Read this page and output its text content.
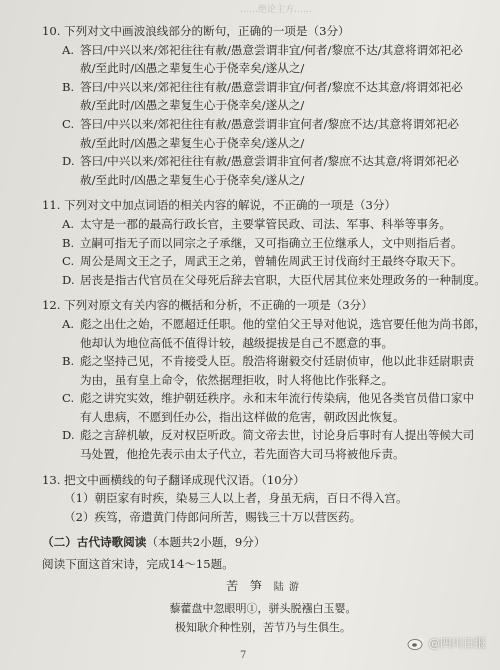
……绝论主方……
10. 下列对文中画波浪线部分的断句，正确的一项是（3分）
A. 答曰/中兴以来/郊祀往往有赦/愚意尝谓非宜/何者/黎庶不达/其意将谓郊祀必
赦/至此时/凶愚之辈复生心于侥幸矣/遂从之/
B. 答曰/中兴以来/郊祀往往有赦/愚意尝谓非宜/何者/黎庶不达其意/将谓郊祀必
赦/至此时/凶愚之辈复生心于侥幸矣/遂从之/
C. 答曰/中兴以来/郊祀往往有赦/愚意尝谓非宜何者/黎庶不达/其意将谓郊祀必
赦/至此时/凶愚之辈复生心于侥幸矣/遂从之/
D. 答曰/中兴以来/郊祀往往有赦/愚意尝谓非宜何者/黎庶不达其意/将谓郊祀必
赦/至此时/凶愚之辈复生心于侥幸矣/遂从之/
11. 下列对文中加点词语的相关内容的解说，不正确的一项是（3分）
A. 太守是一郡的最高行政长官，主要掌管民政、司法、军事、科举等事务。
B. 立嗣可指无子而以同宗之子承继，又可指确立王位继承人，文中则指后者。
C. 周公是周文王之子，周武王之弟，曾辅佐周武王讨伐商纣王最终夺取天下。
D. 居丧是指古代官员在父母死后辞去官职，大臣代居其位来处理政务的一种制度。
12. 下列对原文有关内容的概括和分析，不正确的一项是（3分）
A. 彪之出仕之始，不愿超迁任职。他的堂伯父王导对他说，选官要任他为尚书郎，
他却认为地位高低不值得计较，越级提拔是自己不愿意的事。
B. 彪之坚持己见，不肯接受人臣。殷浩将谢毅交付廷尉侦审，他以此非廷尉职责
为由，虽有皇上命令，依然据理拒收，时人将他比作张释之。
C. 彪之讲究实效，维护朝廷秩序。永和末年流行传染病，他见各类官员借口家中
有人患病，不愿到任办公，指出这样做的危害，朝政因此恢复。
D. 彪之言辞机敏，反对权臣听政。简文帝去世，讨论身后事时有人提出等候大司
马处置，他抢先表示由太子代立，若先面咨大司马将被他斥责。
13. 把文中画横线的句子翻译成现代汉语。（10分）
（1）朝臣家有时疾，染易三人以上者，身虽无病，百日不得入宫。
（2）疾笃，帝遣黄门侍郎问所苦，赐钱三十万以营医药。
（二）古代诗歌阅读（本题共2小题，9分）
阅读下面这首宋诗，完成14～15题。
苦 笋 陆 游
藜藿盘中忽眼明①，骈头脱襁白玉婴。
极知耿介种性别，苦节乃与生俱生。
7
@四川日报
